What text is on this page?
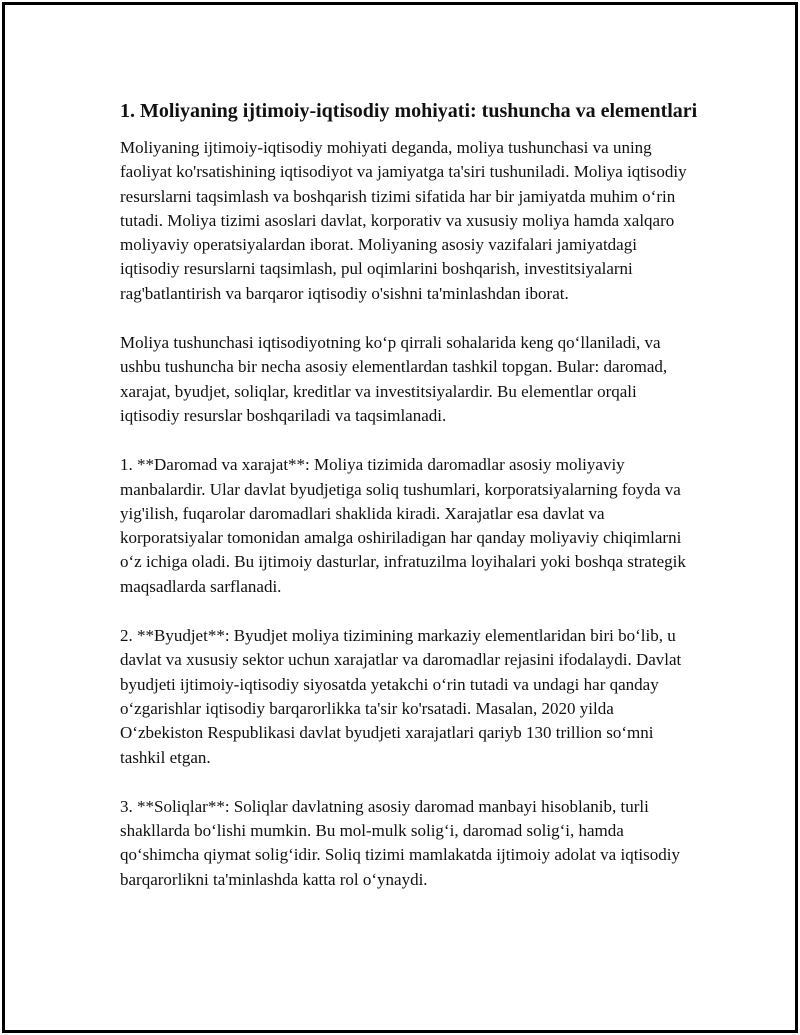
1. Moliyaning ijtimoiy-iqtisodiy mohiyati: tushuncha va elementlari

Moliyaning ijtimoiy-iqtisodiy mohiyati deganda, moliya tushunchasi va uning faoliyat ko'rsatishining iqtisodiyot va jamiyatga ta'siri tushuniladi. Moliya iqtisodiy resurslarni taqsimlash va boshqarish tizimi sifatida har bir jamiyatda muhim o‘rin tutadi. Moliya tizimi asoslari davlat, korporativ va xususiy moliya hamda xalqaro moliyaviy operatsiyalardan iborat. Moliyaning asosiy vazifalari jamiyatdagi iqtisodiy resurslarni taqsimlash, pul oqimlarini boshqarish, investitsiyalarni rag'batlantirish va barqaror iqtisodiy o'sishni ta'minlashdan iborat.

Moliya tushunchasi iqtisodiyotning ko‘p qirrali sohalarida keng qo‘llaniladi, va ushbu tushuncha bir necha asosiy elementlardan tashkil topgan. Bular: daromad, xarajat, byudjet, soliqlar, kreditlar va investitsiyalardir. Bu elementlar orqali iqtisodiy resurslar boshqariladi va taqsimlanadi.

1. **Daromad va xarajat**: Moliya tizimida daromadlar asosiy moliyaviy manbalardir. Ular davlat byudjetiga soliq tushumlari, korporatsiyalarning foyda va yig'ilish, fuqarolar daromadlari shaklida kiradi. Xarajatlar esa davlat va korporatsiyalar tomonidan amalga oshiriladigan har qanday moliyaviy chiqimlarni o‘z ichiga oladi. Bu ijtimoiy dasturlar, infratuzilma loyihalari yoki boshqa strategik maqsadlarda sarflanadi.

2. **Byudjet**: Byudjet moliya tizimining markaziy elementlaridan biri bo‘lib, u davlat va xususiy sektor uchun xarajatlar va daromadlar rejasini ifodalaydi. Davlat byudjeti ijtimoiy-iqtisodiy siyosatda yetakchi o‘rin tutadi va undagi har qanday o‘zgarishlar iqtisodiy barqarorlikka ta'sir ko'rsatadi. Masalan, 2020 yilda O‘zbekiston Respublikasi davlat byudjeti xarajatlari qariyb 130 trillion so‘mni tashkil etgan.

3. **Soliqlar**: Soliqlar davlatning asosiy daromad manbayi hisoblanib, turli shakllarda bo‘lishi mumkin. Bu mol-mulk solig‘i, daromad solig‘i, hamda qo‘shimcha qiymat solig‘idir. Soliq tizimi mamlakatda ijtimoiy adolat va iqtisodiy barqarorlikni ta'minlashda katta rol o‘ynaydi.
